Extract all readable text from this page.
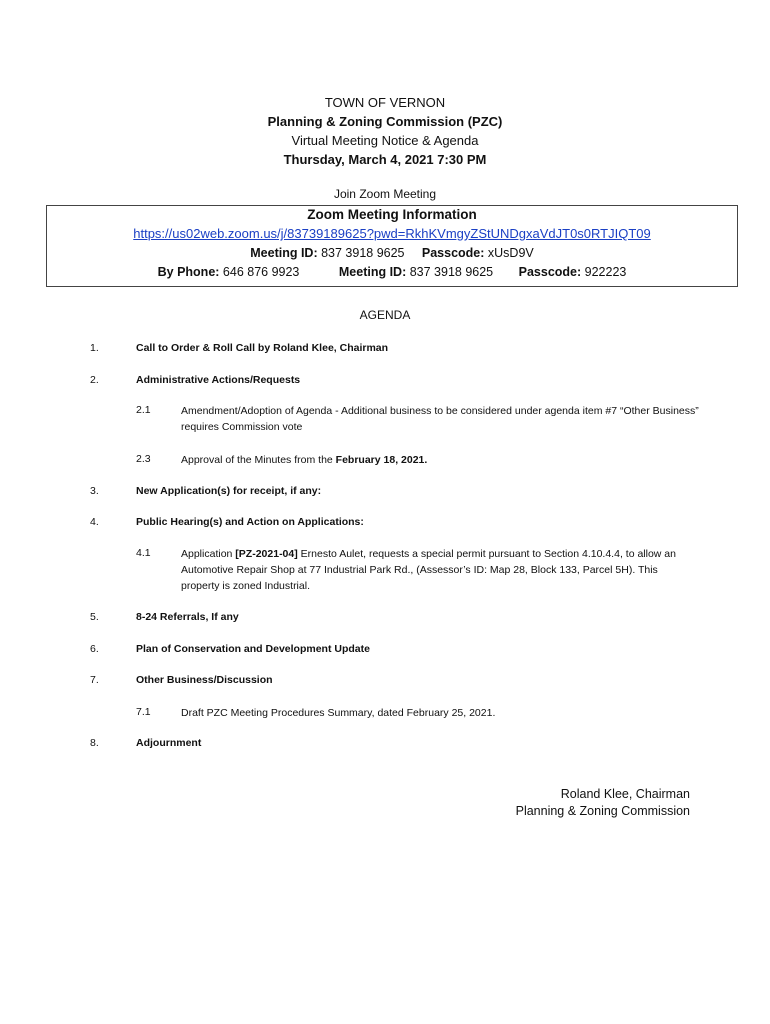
TOWN OF VERNON
Planning & Zoning Commission (PZC)
Virtual Meeting Notice & Agenda
Thursday, March 4, 2021 7:30 PM
Join Zoom Meeting
Zoom Meeting Information
https://us02web.zoom.us/j/83739189625?pwd=RkhKVmgyZStUNDgxaVdJT0s0RTJIQT09
Meeting ID: 837 3918 9625 Passcode: xUsD9V
By Phone: 646 876 9923	Meeting ID: 837 3918 9625 Passcode: 922223
AGENDA
1.	Call to Order & Roll Call by Roland Klee, Chairman
2.	Administrative Actions/Requests
2.1	Amendment/Adoption of Agenda - Additional business to be considered under agenda item #7 “Other Business” requires Commission vote
2.3	Approval of the Minutes from the February 18, 2021.
3.	New Application(s) for receipt, if any:
4.	Public Hearing(s) and Action on Applications:
4.1	Application [PZ-2021-04] Ernesto Aulet, requests a special permit pursuant to Section 4.10.4.4, to allow an Automotive Repair Shop at 77 Industrial Park Rd., (Assessor’s ID: Map 28, Block 133, Parcel 5H). This property is zoned Industrial.
5.	8-24 Referrals, If any
6.	Plan of Conservation and Development Update
7.	Other Business/Discussion
7.1	Draft PZC Meeting Procedures Summary, dated February 25, 2021.
8.	Adjournment
Roland Klee, Chairman
Planning & Zoning Commission
